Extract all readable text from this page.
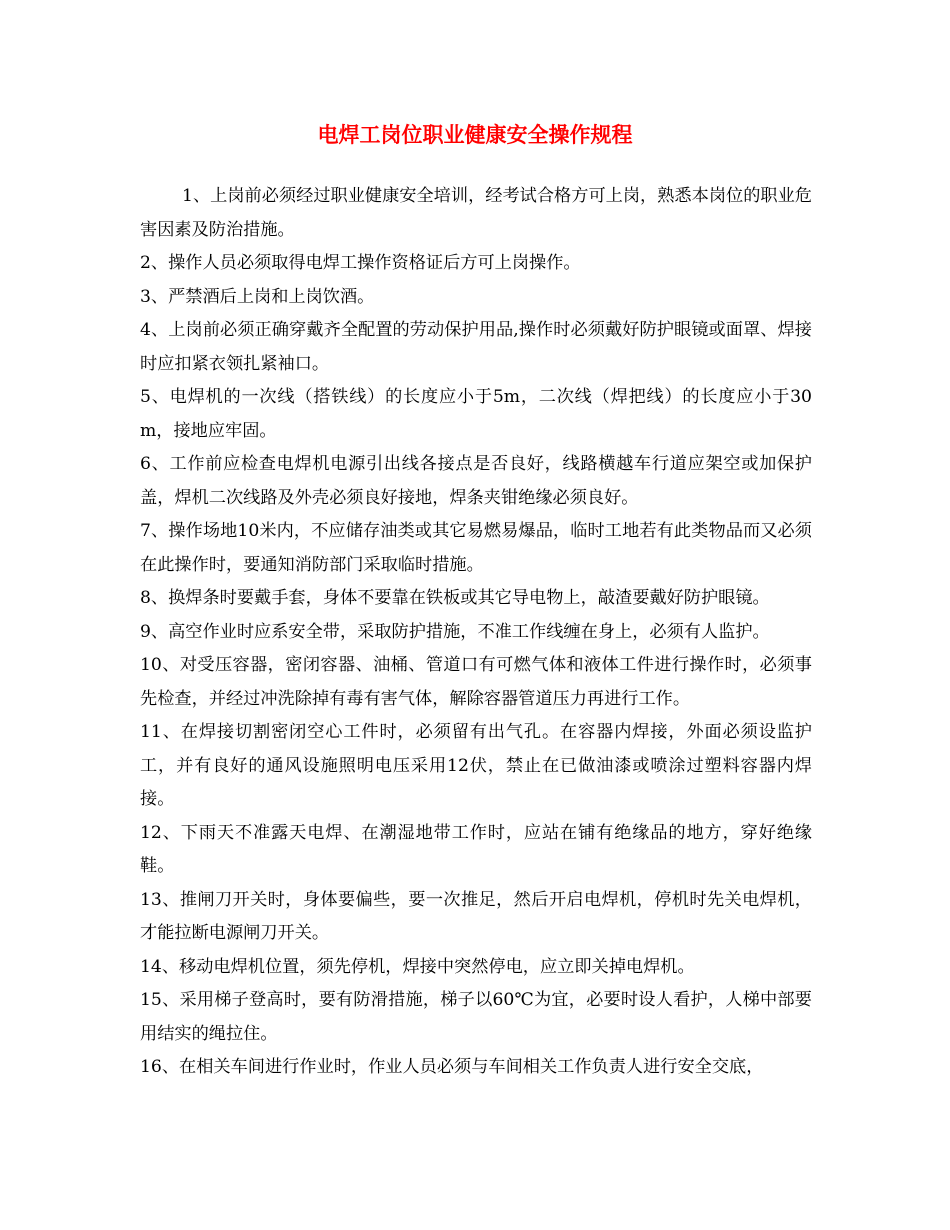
电焊工岗位职业健康安全操作规程

1、上岗前必须经过职业健康安全培训，经考试合格方可上岗，熟悉本岗位的职业危害因素及防治措施。

2、操作人员必须取得电焊工操作资格证后方可上岗操作。

3、严禁酒后上岗和上岗饮酒。

4、上岗前必须正确穿戴齐全配置的劳动保护用品,操作时必须戴好防护眼镜或面罩、焊接时应扣紧衣领扎紧袖口。

5、电焊机的一次线（搭铁线）的长度应小于5m，二次线（焊把线）的长度应小于30m，接地应牢固。

6、工作前应检查电焊机电源引出线各接点是否良好，线路横越车行道应架空或加保护盖，焊机二次线路及外壳必须良好接地，焊条夹钳绝缘必须良好。

7、操作场地10米内，不应储存油类或其它易燃易爆品，临时工地若有此类物品而又必须在此操作时，要通知消防部门采取临时措施。

8、换焊条时要戴手套，身体不要靠在铁板或其它导电物上，敲渣要戴好防护眼镜。

9、高空作业时应系安全带，采取防护措施，不准工作线缠在身上，必须有人监护。

10、对受压容器，密闭容器、油桶、管道口有可燃气体和液体工件进行操作时，必须事先检查，并经过冲洗除掉有毒有害气体，解除容器管道压力再进行工作。

11、在焊接切割密闭空心工件时，必须留有出气孔。在容器内焊接，外面必须设监护工，并有良好的通风设施照明电压采用12伏，禁止在已做油漆或喷涂过塑料容器内焊接。

12、下雨天不准露天电焊、在潮湿地带工作时，应站在铺有绝缘品的地方，穿好绝缘鞋。

13、推闸刀开关时，身体要偏些，要一次推足，然后开启电焊机，停机时先关电焊机，才能拉断电源闸刀开关。

14、移动电焊机位置，须先停机，焊接中突然停电，应立即关掉电焊机。

15、采用梯子登高时，要有防滑措施，梯子以60℃为宜，必要时设人看护，人梯中部要用结实的绳拉住。

16、在相关车间进行作业时，作业人员必须与车间相关工作负责人进行安全交底，
